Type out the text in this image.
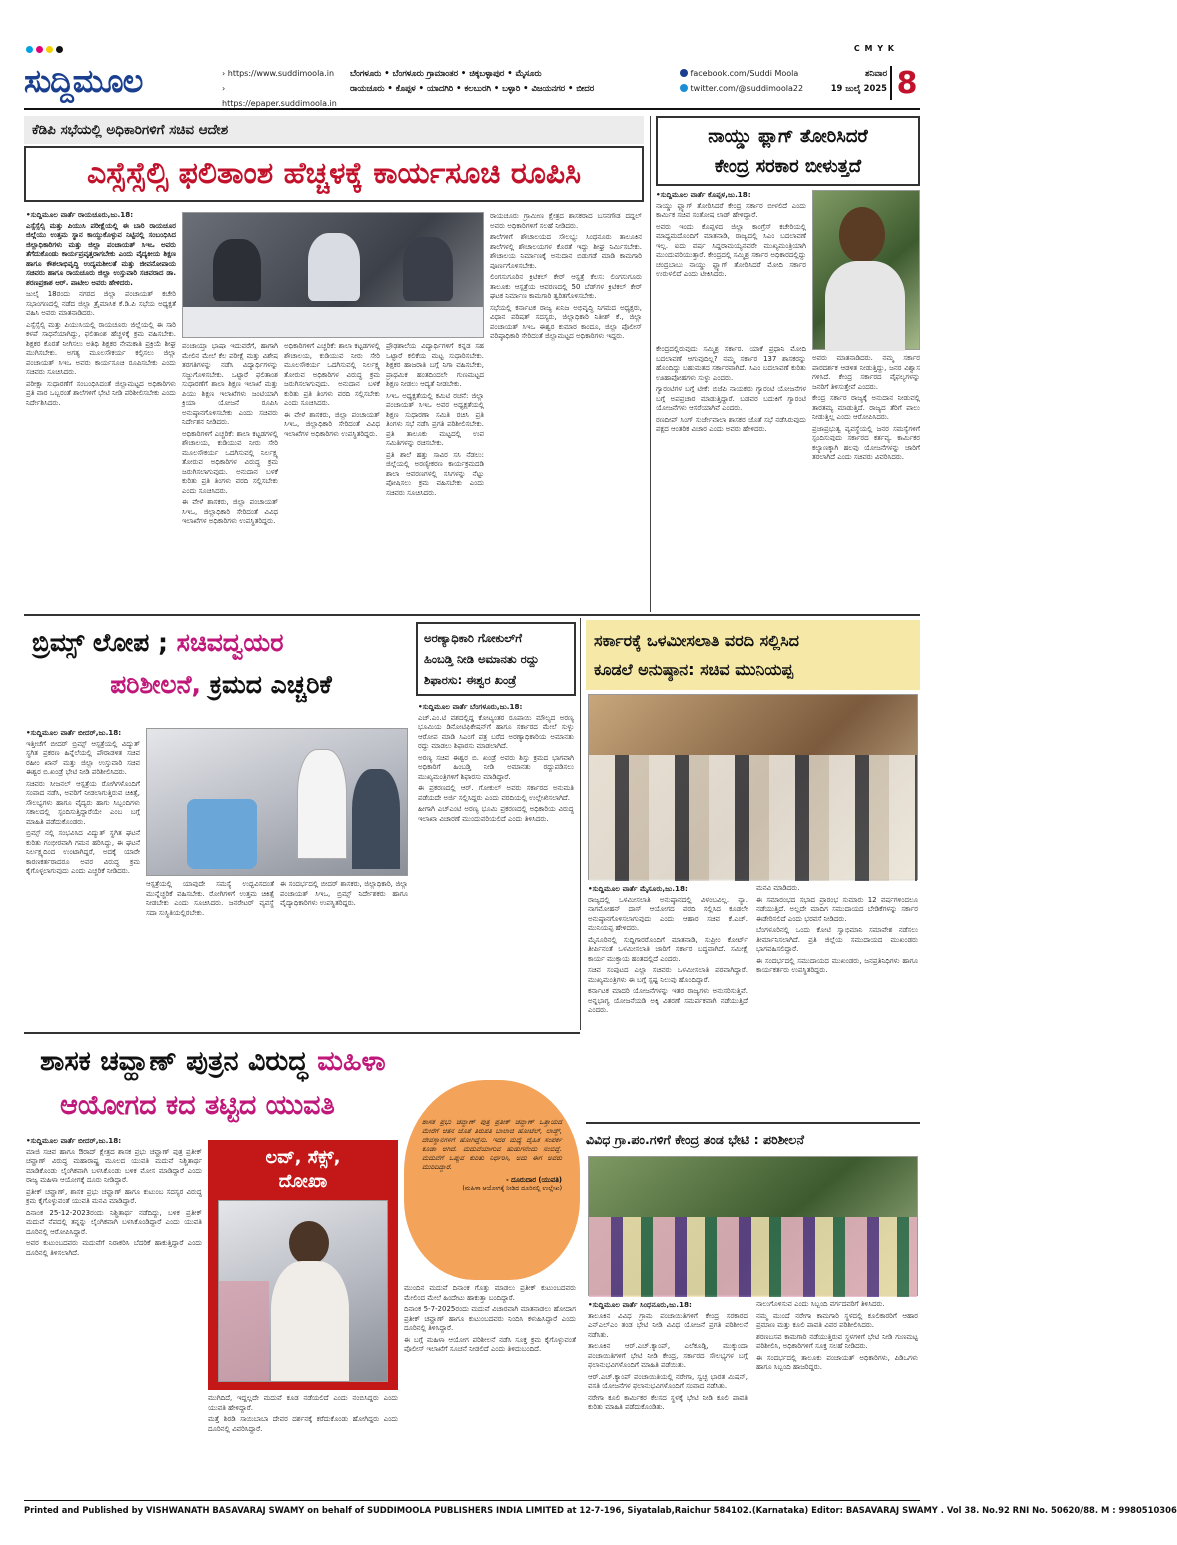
C M Y K
ಸುದ್ದಿಮೂಲ	› https://www.suddimoola.in
› https://epaper.suddimoola.in
ಬೆಂಗಳೂರು • ಬೆಂಗಳೂರು ಗ್ರಾಮಾಂತರ • ಚಿಕ್ಕಬಳ್ಳಾಪುರ • ಮೈಸೂರು
ರಾಯಚೂರು • ಕೊಪ್ಪಳ • ಯಾದಗಿರಿ • ಕಲಬುರಗಿ • ಬಳ್ಳಾರಿ • ವಿಜಯನಗರ • ಬೀದರ
facebook.com/Suddi Moola
twitter.com/@suddimoola22
ಶನಿವಾರ
19 ಜುಲೈ 2025 8
ಕೆಡಿಪಿ ಸಭೆಯಲ್ಲಿ ಅಧಿಕಾರಿಗಳಿಗೆ ಸಚಿವ ಆದೇಶ
ಎಸ್ಸೆಸ್ಸೆಲ್ಸಿ ಫಲಿತಾಂಶ ಹೆಚ್ಚಳಕ್ಕೆ ಕಾರ್ಯಸೂಚಿ ರೂಪಿಸಿ

•ಸುದ್ದಿಮೂಲ ವಾರ್ತೆ ರಾಯಚೂರು,ಜು.18:

ಎಸ್ಸೆಸ್ಸೆಲ್ಸಿ ಮತ್ತು ಪಿಯುಸಿ ಪರೀಕ್ಷೆಯಲ್ಲಿ ಈ ಬಾರಿ ರಾಯಚೂರ ಜಿಲ್ಲೆಯು ಉತ್ತಮ ಸ್ಥಾನ ಕಾಯ್ದುಕೊಳ್ಳುವ ನಿಟ್ಟಿನಲ್ಲಿ ಸಂಬಂಧಿಸಿದ ಜಿಲ್ಲಾಧಿಕಾರಿಗಳು ಮತ್ತು ಜಿಲ್ಲಾ ಪಂಚಾಯತ್ ಸಿಇಒ ಅವರು ತೆಗೆದುಕೊಂಡು ಕಾರ್ಯಪ್ರವೃತ್ತರಾಗಬೇಕು ಎಂದು ವೈದ್ಯಕೀಯ ಶಿಕ್ಷಣ ಹಾಗೂ ಕೌಶಲಾಭಿವೃದ್ಧಿ ಉದ್ಯಮಶೀಲತೆ ಮತ್ತು ಜೀವನೋಪಾಯ ಸಚಿವರು ಹಾಗೂ ರಾಯಚೂರು ಜಿಲ್ಲಾ ಉಸ್ತುವಾರಿ ಸಚಿವರಾದ ಡಾ. ಶರಣಪ್ರಕಾಶ ಆರ್. ಪಾಟೀಲ ಅವರು ಹೇಳಿದರು.

ಜುಲೈ 18ರಂದು ನಗರದ ಜಿಲ್ಲಾ ಪಂಚಾಯತ್ ಕಚೇರಿ ಸಭಾಂಗಣದಲ್ಲಿ ನಡೆದ ಜಿಲ್ಲಾ ತ್ರೈಮಾಸಿಕ ಕೆ.ಡಿ.ಪಿ ಸಭೆಯ ಅಧ್ಯಕ್ಷತೆ ವಹಿಸಿ ಅವರು ಮಾತನಾಡಿದರು.

ಎಸ್ಸೆಸ್ಸೆಲ್ಸಿ ಮತ್ತು ಪಿಯುಸಿಯಲ್ಲಿ ರಾಯಚೂರು ಜಿಲ್ಲೆಯಲ್ಲಿ ಈ ಸಾರಿ ಕಳಪೆ ಸಾಧನೆಯಾಗಿದ್ದು, ಫಲಿತಾಂಶ ಹೆಚ್ಚಳಕ್ಕೆ ಕ್ರಮ ವಹಿಸಬೇಕು. ಶಿಕ್ಷಕರ ಕೊರತೆ ನೀಗಿಸಲು ಅತಿಥಿ ಶಿಕ್ಷಕರ ನೇಮಕಾತಿ ಪ್ರಕ್ರಿಯೆ ಶೀಘ್ರ ಮುಗಿಸಬೇಕು. ಅಗತ್ಯ ಮೂಲಸೌಕರ್ಯ ಕಲ್ಪಿಸಲು ಜಿಲ್ಲಾ ಪಂಚಾಯತ್ ಸಿಇಒ ಅವರು ಕಾರ್ಯಸೂಚಿ ರೂಪಿಸಬೇಕು ಎಂದು ಸಚಿವರು ಸೂಚಿಸಿದರು.

ಪರೀಕ್ಷಾ ಸುಧಾರಣೆಗೆ ಸಂಬಂಧಿಸಿದಂತೆ ಜಿಲ್ಲಾಮಟ್ಟದ ಅಧಿಕಾರಿಗಳು ಪ್ರತಿ ವಾರ ಒಬ್ಬರಂತೆ ಶಾಲೆಗಳಿಗೆ ಭೇಟಿ ನೀಡಿ ಪರಿಶೀಲಿಸಬೇಕು ಎಂದು ನಿರ್ದೇಶಿಸಿದರು.

ಪಂಚಾಯ್ತಾ ಭಾಷಾ ಇದುವರೆಗೆ, ಹಾಗಾಗಿ ಮೇಲಿನ ಮೇಲೆ ಕೆಲ ಪರೀಕ್ಷೆ ಮತ್ತು ವಿಶೇಷ ತರಗತಿಗಳನ್ನು ನಡೆಸಿ ವಿದ್ಯಾರ್ಥಿಗಳನ್ನು ಸಜ್ಜುಗೊಳಿಸಬೇಕು. ಒಟ್ಟಾರೆ ಫಲಿತಾಂಶ ಸುಧಾರಣೆಗೆ ಶಾಲಾ ಶಿಕ್ಷಣ ಇಲಾಖೆ ಮತ್ತು ಪಿಯು ಶಿಕ್ಷಣ ಇಲಾಖೆಗಳು ಜಂಟಿಯಾಗಿ ಕ್ರಿಯಾ ಯೋಜನೆ ರೂಪಿಸಿ ಅನುಷ್ಠಾನಗೊಳಿಸಬೇಕು ಎಂದು ಸಚಿವರು ನಿರ್ದೇಶನ ನೀಡಿದರು.

ಅಧಿಕಾರಿಗಳಿಗೆ ಎಚ್ಚರಿಕೆ: ಶಾಲಾ ಕಟ್ಟಡಗಳಲ್ಲಿ ಶೌಚಾಲಯ, ಕುಡಿಯುವ ನೀರು ಸೇರಿ ಮೂಲಸೌಕರ್ಯ ಒದಗಿಸುವಲ್ಲಿ ನಿರ್ಲಕ್ಷ್ಯ ತೋರುವ ಅಧಿಕಾರಿಗಳ ವಿರುದ್ಧ ಕ್ರಮ ಜರುಗಿಸಲಾಗುವುದು. ಅನುದಾನ ಬಳಕೆ ಕುರಿತು ಪ್ರತಿ ತಿಂಗಳು ವರದಿ ಸಲ್ಲಿಸಬೇಕು ಎಂದು ಸೂಚಿಸಿದರು.

ಈ ವೇಳೆ ಶಾಸಕರು, ಜಿಲ್ಲಾ ಪಂಚಾಯತ್ ಸಿಇಒ, ಜಿಲ್ಲಾಧಿಕಾರಿ ಸೇರಿದಂತೆ ವಿವಿಧ ಇಲಾಖೆಗಳ ಅಧಿಕಾರಿಗಳು ಉಪಸ್ಥಿತರಿದ್ದರು.

ಅಧಿಕಾರಿಗಳಿಗೆ ಎಚ್ಚರಿಕೆ: ಶಾಲಾ ಕಟ್ಟಡಗಳಲ್ಲಿ ಶೌಚಾಲಯ, ಕುಡಿಯುವ ನೀರು ಸೇರಿ ಮೂಲಸೌಕರ್ಯ ಒದಗಿಸುವಲ್ಲಿ ನಿರ್ಲಕ್ಷ್ಯ ತೋರುವ ಅಧಿಕಾರಿಗಳ ವಿರುದ್ಧ ಕ್ರಮ ಜರುಗಿಸಲಾಗುವುದು. ಅನುದಾನ ಬಳಕೆ ಕುರಿತು ಪ್ರತಿ ತಿಂಗಳು ವರದಿ ಸಲ್ಲಿಸಬೇಕು ಎಂದು ಸೂಚಿಸಿದರು.

ಈ ವೇಳೆ ಶಾಸಕರು, ಜಿಲ್ಲಾ ಪಂಚಾಯತ್ ಸಿಇಒ, ಜಿಲ್ಲಾಧಿಕಾರಿ ಸೇರಿದಂತೆ ವಿವಿಧ ಇಲಾಖೆಗಳ ಅಧಿಕಾರಿಗಳು ಉಪಸ್ಥಿತರಿದ್ದರು.

ಪ್ರೌಢಶಾಲೆಯ ವಿದ್ಯಾರ್ಥಿಗಳಿಗೆ ಕನ್ನಡ ಸಹ ಒಟ್ಟಾರೆ ಕಲಿಕೆಯ ಮಟ್ಟ ಸುಧಾರಿಸಬೇಕು. ಶಿಕ್ಷಕರ ಹಾಜರಾತಿ ಬಗ್ಗೆ ನಿಗಾ ವಹಿಸಬೇಕು, ಪ್ರಾಥಮಿಕ ಹಂತದಿಂದಲೇ ಗುಣಮಟ್ಟದ ಶಿಕ್ಷಣ ನೀಡಲು ಆದ್ಯತೆ ನೀಡಬೇಕು.

ಸಿಇಒ ಅಧ್ಯಕ್ಷತೆಯಲ್ಲಿ ಕಮಿಟಿ ರಚನೆ: ಜಿಲ್ಲಾ ಪಂಚಾಯತ್ ಸಿಇಒ ಅವರ ಅಧ್ಯಕ್ಷತೆಯಲ್ಲಿ ಶಿಕ್ಷಣ ಸುಧಾರಣಾ ಸಮಿತಿ ರಚಿಸಿ ಪ್ರತಿ ತಿಂಗಳು ಸಭೆ ನಡೆಸಿ ಪ್ರಗತಿ ಪರಿಶೀಲಿಸಬೇಕು. ಪ್ರತಿ ತಾಲೂಕು ಮಟ್ಟದಲ್ಲಿ ಉಪ ಸಮಿತಿಗಳನ್ನು ರಚಿಸಬೇಕು.

ಪ್ರತಿ ಶಾಲೆ ಹತ್ತು ಸಾವಿರ ಸಸಿ ನೆಡಲು: ಜಿಲ್ಲೆಯಲ್ಲಿ ಅರಣ್ಯೀಕರಣ ಕಾರ್ಯಕ್ರಮದಡಿ ಶಾಲಾ ಆವರಣಗಳಲ್ಲಿ ಸಸಿಗಳನ್ನು ನೆಟ್ಟು ಪೋಷಿಸಲು ಕ್ರಮ ವಹಿಸಬೇಕು ಎಂದು ಸಚಿವರು ಸೂಚಿಸಿದರು.

ರಾಯಚೂರು ಗ್ರಾಮೀಣ ಕ್ಷೇತ್ರದ ಶಾಸಕರಾದ ಬಸನಗೌಡ ದದ್ದಲ್ ಅವರು ಅಧಿಕಾರಿಗಳಿಗೆ ಸಲಹೆ ನೀಡಿದರು.

ಶಾಲೆಗಳಿಗೆ ಶೌಚಾಲಯದ ಸೌಲಭ್ಯ: ಸಿಂಧನೂರು ತಾಲೂಕಿನ ಶಾಲೆಗಳಲ್ಲಿ ಶೌಚಾಲಯಗಳ ಕೊರತೆ ಇದ್ದು ಶೀಘ್ರ ನಿರ್ಮಿಸಬೇಕು. ಶೌಚಾಲಯ ನಿರ್ಮಾಣಕ್ಕೆ ಅನುದಾನ ಬಿಡುಗಡೆ ಮಾಡಿ ಕಾಮಗಾರಿ ಪೂರ್ಣಗೊಳಿಸಬೇಕು.

ಲಿಂಗಸುಗೂರಿನ ಕ್ರಿಟಿಕಲ್ ಕೇರ್ ಆಸ್ಪತ್ರೆ ಕೆಲಸ: ಲಿಂಗಸುಗೂರು ತಾಲೂಕು ಆಸ್ಪತ್ರೆಯ ಆವರಣದಲ್ಲಿ 50 ಬೆಡ್‌ಗಳ ಕ್ರಿಟಿಕಲ್ ಕೇರ್ ಘಟಕ ನಿರ್ಮಾಣ ಕಾಮಗಾರಿ ತ್ವರಿತಗೊಳಿಸಬೇಕು.

ಸಭೆಯಲ್ಲಿ ಕರ್ನಾಟಕ ರಾಜ್ಯ ಖನಿಜ ಅಭಿವೃದ್ಧಿ ನಿಗಮದ ಅಧ್ಯಕ್ಷರು, ವಿಧಾನ ಪರಿಷತ್ ಸದಸ್ಯರು, ಜಿಲ್ಲಾಧಿಕಾರಿ ನಿತೀಶ್ ಕೆ., ಜಿಲ್ಲಾ ಪಂಚಾಯತ್ ಸಿಇಒ ಈಶ್ವರ ಕುಮಾರ ಕಾಂದೂ, ಜಿಲ್ಲಾ ಪೊಲೀಸ್ ವರಿಷ್ಠಾಧಿಕಾರಿ ಸೇರಿದಂತೆ ಜಿಲ್ಲಾಮಟ್ಟದ ಅಧಿಕಾರಿಗಳು ಇದ್ದರು.

ನಾಯ್ಡು ಫ್ಲಾಗ್ ತೋರಿಸಿದರೆ
ಕೇಂದ್ರ ಸರಕಾರ ಬೀಳುತ್ತದೆ

•ಸುದ್ದಿಮೂಲ ವಾರ್ತೆ ಕೊಪ್ಪಳ,ಜು.18:

ನಾಯ್ಡು ಫ್ಲ್ಯಾಗ್ ತೋರಿಸಿದರೆ ಕೇಂದ್ರ ಸರ್ಕಾರ ಬೀಳಲಿದೆ ಎಂದು ಕಾರ್ಮಿಕ ಸಚಿವ ಸಂತೋಷ ಲಾಡ್ ಹೇಳಿದ್ದಾರೆ.

ಅವರು ಇಂದು ಕೊಪ್ಪಳದ ಜಿಲ್ಲಾ ಕಾಂಗ್ರೆಸ್ ಕಚೇರಿಯಲ್ಲಿ ಮಾಧ್ಯಮದೊಂದಿಗೆ ಮಾತನಾಡಿ, ರಾಜ್ಯದಲ್ಲಿ ಸಿಎಂ ಬದಲಾವಣೆ ಇಲ್ಲ. ಐದು ವರ್ಷ ಸಿದ್ದರಾಮಯ್ಯನವರೇ ಮುಖ್ಯಮಂತ್ರಿಯಾಗಿ ಮುಂದುವರಿಯುತ್ತಾರೆ. ಕೇಂದ್ರದಲ್ಲಿ ಸಮ್ಮಿಶ್ರ ಸರ್ಕಾರ ಅಧಿಕಾರದಲ್ಲಿದ್ದು ಚಂದ್ರಬಾಬು ನಾಯ್ಡು ಫ್ಲ್ಯಾಗ್ ತೋರಿಸಿದರೆ ಮೋದಿ ಸರ್ಕಾರ ಉರುಳಲಿದೆ ಎಂದು ಟೀಕಿಸಿದರು.

ಕೇಂದ್ರದಲ್ಲಿರುವುದು ಸಮ್ಮಿಶ್ರ ಸರ್ಕಾರ. ಯಾಕೆ ಪ್ರಧಾನಿ ಮೋದಿ ಬದಲಾವಣೆ ಆಗುವುದಿಲ್ಲ? ನಮ್ಮ ಸರ್ಕಾರ 137 ಶಾಸಕರನ್ನು ಹೊಂದಿದ್ದು ಬಹುಮತದ ಸರ್ಕಾರವಾಗಿದೆ. ಸಿಎಂ ಬದಲಾವಣೆ ಕುರಿತು ಊಹಾಪೋಹಗಳು ಸುಳ್ಳು ಎಂದರು.

ಗ್ಯಾರಂಟಿಗಳ ಬಗ್ಗೆ ಟೀಕೆ: ಬಿಜೆಪಿ ನಾಯಕರು ಗ್ಯಾರಂಟಿ ಯೋಜನೆಗಳ ಬಗ್ಗೆ ಅಪಪ್ರಚಾರ ಮಾಡುತ್ತಿದ್ದಾರೆ. ಬಡವರ ಬದುಕಿಗೆ ಗ್ಯಾರಂಟಿ ಯೋಜನೆಗಳು ಆಸರೆಯಾಗಿವೆ ಎಂದರು.

ರಣದೀಪ್ ಸಿಂಗ್ ಸುರ್ಜೇವಾಲಾ ಶಾಸಕರ ಜೊತೆ ಸಭೆ ನಡೆಸಿರುವುದು ಪಕ್ಷದ ಆಂತರಿಕ ವಿಚಾರ ಎಂದು ಅವರು ಹೇಳಿದರು.

ಅವರು ಮಾತನಾಡಿದರು. ನಮ್ಮ ಸರ್ಕಾರ ಪಾರದರ್ಶಕ ಆಡಳಿತ ನೀಡುತ್ತಿದ್ದು, ಜನರ ವಿಶ್ವಾಸ ಗಳಿಸಿದೆ. ಕೇಂದ್ರ ಸರ್ಕಾರದ ವೈಫಲ್ಯಗಳನ್ನು ಜನರಿಗೆ ತಿಳಿಸುತ್ತೇವೆ ಎಂದರು.

ಕೇಂದ್ರ ಸರ್ಕಾರ ರಾಜ್ಯಕ್ಕೆ ಅನುದಾನ ನೀಡುವಲ್ಲಿ ತಾರತಮ್ಯ ಮಾಡುತ್ತಿದೆ. ರಾಜ್ಯದ ತೆರಿಗೆ ಪಾಲು ನೀಡುತ್ತಿಲ್ಲ ಎಂದು ಆರೋಪಿಸಿದರು.

ಪ್ರಜಾಪ್ರಭುತ್ವ ವ್ಯವಸ್ಥೆಯಲ್ಲಿ ಜನರ ಸಮಸ್ಯೆಗಳಿಗೆ ಸ್ಪಂದಿಸುವುದು ಸರ್ಕಾರದ ಕರ್ತವ್ಯ. ಕಾರ್ಮಿಕರ ಕಲ್ಯಾಣಕ್ಕಾಗಿ ಹಲವು ಯೋಜನೆಗಳನ್ನು ಜಾರಿಗೆ ತರಲಾಗಿದೆ ಎಂದು ಸಚಿವರು ವಿವರಿಸಿದರು.

ಬ್ರಿಮ್ಸ್ ಲೋಪ ; ಸಚಿವದ್ವಯರ
ಪರಿಶೀಲನೆ, ಕ್ರಮದ ಎಚ್ಚರಿಕೆ

•ಸುದ್ದಿಮೂಲ ವಾರ್ತೆ ಬೀದರ್,ಜು.18:

ಇತ್ತೀಚೆಗೆ ಬೀದರ್ ಬ್ರಿಮ್ಸ್ ಆಸ್ಪತ್ರೆಯಲ್ಲಿ ವಿದ್ಯುತ್ ಸ್ಥಗಿತ ಪ್ರಕರಣ ಹಿನ್ನೆಲೆಯಲ್ಲಿ ಪೌರಾಡಳಿತ ಸಚಿವ ರಹೀಂ ಖಾನ್ ಮತ್ತು ಜಿಲ್ಲಾ ಉಸ್ತುವಾರಿ ಸಚಿವ ಈಶ್ವರ ಬಿ.ಖಂಡ್ರೆ ಭೇಟಿ ನೀಡಿ ಪರಿಶೀಲಿಸಿದರು.

ಸಚಿವರು ಸೀಜನಲ್ ಆಸ್ಪತ್ರೆಯ ರೋಗಿಗಳೊಂದಿಗೆ ಸಂವಾದ ನಡೆಸಿ, ಅವರಿಗೆ ನೀಡಲಾಗುತ್ತಿರುವ ಚಿಕಿತ್ಸೆ, ಸೌಲಭ್ಯಗಳು ಹಾಗೂ ವೈದ್ಯರು ಹಾಗು ಸಿಬ್ಬಂದಿಗಳು ಸಕಾಲದಲ್ಲಿ ಸ್ಪಂದಿಸುತ್ತಿದ್ದಾರೆಯೇ ಎಂಬ ಬಗ್ಗೆ ಮಾಹಿತಿ ಪಡೆದುಕೊಂಡರು.

ಬ್ರಿಮ್ಸ್ ನಲ್ಲಿ ಸಂಭವಿಸಿದ ವಿದ್ಯುತ್ ಸ್ಥಗಿತ ಘಟನೆ ಕುರಿತು ಗಂಭೀರವಾಗಿ ಗಮನ ಹರಿಸಿದ್ದು, ಈ ಘಟನೆ ನಿರ್ಲಕ್ಷ್ಯದಿಂದ ಉಂಟಾಗಿದ್ದರೆ, ಅದಕ್ಕೆ ಯಾರೇ ಕಾರಣಕರ್ತರಾದರೂ ಅವರ ವಿರುದ್ಧ ಕ್ರಮ ಕೈಗೊಳ್ಳಲಾಗುವುದು ಎಂದು ಎಚ್ಚರಿಕೆ ನೀಡಿದರು.

ಆಸ್ಪತ್ರೆಯಲ್ಲಿ ಯಾವುದೇ ಸಮಸ್ಯೆ ಉದ್ಭವಿಸದಂತೆ ಮುನ್ನೆಚ್ಚರಿಕೆ ವಹಿಸಬೇಕು. ರೋಗಿಗಳಿಗೆ ಉತ್ತಮ ಚಿಕಿತ್ಸೆ ನೀಡಬೇಕು ಎಂದು ಸೂಚಿಸಿದರು. ಜನರೇಟರ್ ವ್ಯವಸ್ಥೆ ಸದಾ ಸುಸ್ಥಿತಿಯಲ್ಲಿರಬೇಕು.

ಈ ಸಂದರ್ಭದಲ್ಲಿ ಬೀದರ್ ಶಾಸಕರು, ಜಿಲ್ಲಾಧಿಕಾರಿ, ಜಿಲ್ಲಾ ಪಂಚಾಯತ್ ಸಿಇಒ, ಬ್ರಿಮ್ಸ್ ನಿರ್ದೇಶಕರು ಹಾಗೂ ವೈದ್ಯಾಧಿಕಾರಿಗಳು ಉಪಸ್ಥಿತರಿದ್ದರು.

ಅರಣ್ಯಾಧಿಕಾರಿ ಗೋಕುಲ್‌ಗೆ
ಹಿಂಬಡ್ತಿ ನೀಡಿ ಅಮಾನತು ರದ್ದು
ಶಿಫಾರಸು: ಈಶ್ವರ ಖಂಡ್ರೆ

•ಸುದ್ದಿಮೂಲ ವಾರ್ತೆ ಬೆಂಗಳೂರು,ಜು.18:

ಎಚ್.ಎಂ.ಟಿ ವಶದಲ್ಲಿದ್ದ ಕೋಟ್ಯಂತರ ರೂಪಾಯಿ ಮೌಲ್ಯದ ಅರಣ್ಯ ಭೂಮಿಯ ಡಿನೋಟಿಫಿಕೇಷನ್‌ಗೆ ಹಾಗೂ ಸರ್ಕಾರದ ಮೇಲೆ ಸುಳ್ಳು ಆರೋಪ ಮಾಡಿ ಸಿಎಂಗೆ ಪತ್ರ ಬರೆದ ಅರಣ್ಯಾಧಿಕಾರಿಯ ಅಮಾನತು ರದ್ದು ಮಾಡಲು ಶಿಫಾರಸು ಮಾಡಲಾಗಿದೆ.

ಅರಣ್ಯ ಸಚಿವ ಈಶ್ವರ ಬಿ. ಖಂಡ್ರೆ ಅವರು ಶಿಸ್ತು ಕ್ರಮದ ಭಾಗವಾಗಿ ಅಧಿಕಾರಿಗೆ ಹಿಂಬಡ್ತಿ ನೀಡಿ ಅಮಾನತು ರದ್ದುಪಡಿಸಲು ಮುಖ್ಯಮಂತ್ರಿಗಳಿಗೆ ಶಿಫಾರಸು ಮಾಡಿದ್ದಾರೆ.

ಈ ಪ್ರಕರಣದಲ್ಲಿ ಆರ್. ಗೋಕುಲ್ ಅವರು ಸರ್ಕಾರದ ಅನುಮತಿ ಪಡೆಯದೇ ಅರ್ಜಿ ಸಲ್ಲಿಸಿದ್ದರು ಎಂದು ವರದಿಯಲ್ಲಿ ಉಲ್ಲೇಖಿಸಲಾಗಿದೆ.

ಹೀಗಾಗಿ ಎಚ್‌ಎಂಟಿ ಅರಣ್ಯ ಭೂಮಿ ಪ್ರಕರಣದಲ್ಲಿ ಅಧಿಕಾರಿಯ ವಿರುದ್ಧ ಇಲಾಖಾ ವಿಚಾರಣೆ ಮುಂದುವರಿಯಲಿದೆ ಎಂದು ತಿಳಿಸಿದರು.

ಸರ್ಕಾರಕ್ಕೆ ಒಳಮೀಸಲಾತಿ ವರದಿ ಸಲ್ಲಿಸಿದ
ಕೂಡಲೆ ಅನುಷ್ಠಾನ: ಸಚಿವ ಮುನಿಯಪ್ಪ

•ಸುದ್ದಿಮೂಲ ವಾರ್ತೆ ಮೈಸೂರು,ಜು.18:

ರಾಜ್ಯದಲ್ಲಿ ಒಳಮೀಸಲಾತಿ ಅನುಷ್ಠಾನದಲ್ಲಿ ವಿಳಂಬವಿಲ್ಲ. ನ್ಯಾ. ನಾಗಮೋಹನ್ ದಾಸ್ ಆಯೋಗದ ವರದಿ ಸಲ್ಲಿಸಿದ ಕೂಡಲೇ ಅನುಷ್ಠಾನಗೊಳಿಸಲಾಗುವುದು ಎಂದು ಆಹಾರ ಸಚಿವ ಕೆ.ಎಚ್. ಮುನಿಯಪ್ಪ ಹೇಳಿದರು.

ಮೈಸೂರಿನಲ್ಲಿ ಸುದ್ದಿಗಾರರೊಂದಿಗೆ ಮಾತನಾಡಿ, ಸುಪ್ರೀಂ ಕೋರ್ಟ್ ತೀರ್ಪಿನಂತೆ ಒಳಮೀಸಲಾತಿ ಜಾರಿಗೆ ಸರ್ಕಾರ ಬದ್ಧವಾಗಿದೆ. ಸಮೀಕ್ಷೆ ಕಾರ್ಯ ಮುಕ್ತಾಯ ಹಂತದಲ್ಲಿದೆ ಎಂದರು.

ಸಚಿವ ಸಂಪುಟದ ಎಲ್ಲಾ ಸಚಿವರು ಒಳಮೀಸಲಾತಿ ಪರವಾಗಿದ್ದಾರೆ. ಮುಖ್ಯಮಂತ್ರಿಗಳು ಈ ಬಗ್ಗೆ ಸ್ಪಷ್ಟ ನಿಲುವು ಹೊಂದಿದ್ದಾರೆ.

ಕರ್ನಾಟಕ ಮಾದರಿ ಯೋಜನೆಗಳನ್ನು ಇತರ ರಾಜ್ಯಗಳು ಅನುಸರಿಸುತ್ತಿವೆ. ಅನ್ನಭಾಗ್ಯ ಯೋಜನೆಯಡಿ ಅಕ್ಕಿ ವಿತರಣೆ ಸಮರ್ಪಕವಾಗಿ ನಡೆಯುತ್ತಿದೆ ಎಂದರು.

ಮನವಿ ಮಾಡಿದರು.

ಈ ಸಮಾರಂಭದ ಸಭಾದ ಪ್ರಾರಂಭ ಸುಮಾರು 12 ವರ್ಷಗಳಿಂದಲೂ ನಡೆಯುತ್ತಿದೆ. ಅಲ್ಲದೇ ಮಾದಿಗ ಸಮುದಾಯದ ಬೇಡಿಕೆಗಳನ್ನು ಸರ್ಕಾರ ಈಡೇರಿಸಲಿದೆ ಎಂದು ಭರವಸೆ ನೀಡಿದರು.

ಬೆಂಗಳೂರಿನಲ್ಲಿ ಒಂದು ಕೋಟಿ ಸ್ವಾಭಿಮಾನಿ ಸಮಾವೇಶ ನಡೆಸಲು ತೀರ್ಮಾನಿಸಲಾಗಿದೆ. ಪ್ರತಿ ಜಿಲ್ಲೆಯ ಸಮುದಾಯದ ಮುಖಂಡರು ಭಾಗವಹಿಸಲಿದ್ದಾರೆ.

ಈ ಸಂದರ್ಭದಲ್ಲಿ ಸಮುದಾಯದ ಮುಖಂಡರು, ಜನಪ್ರತಿನಿಧಿಗಳು ಹಾಗೂ ಕಾರ್ಯಕರ್ತರು ಉಪಸ್ಥಿತರಿದ್ದರು.

ಶಾಸಕ ಚವ್ಹಾಣ್ ಪುತ್ರನ ವಿರುದ್ಧ ಮಹಿಳಾ
ಆಯೋಗದ ಕದ ತಟ್ಟಿದ ಯುವತಿ

•ಸುದ್ದಿಮೂಲ ವಾರ್ತೆ ಬೀದರ್,ಜು.18:

ಮಾಜಿ ಸಚಿವ ಹಾಗೂ ಔರಾದ್ ಕ್ಷೇತ್ರದ ಶಾಸಕ ಪ್ರಭು ಚವ್ಹಾಣ್ ಪುತ್ರ ಪ್ರತೀಕ್ ಚವ್ಹಾಣ್ ವಿರುದ್ಧ ಮಹಾರಾಷ್ಟ್ರ ಮೂಲದ ಯುವತಿ ಮದುವೆ ನಿಶ್ಚಿತಾರ್ಥ ಮಾಡಿಕೊಂಡು ಲೈಂಗಿಕವಾಗಿ ಬಳಸಿಕೊಂಡು ಬಳಿಕ ಮೋಸ ಮಾಡಿದ್ದಾರೆ ಎಂದು ರಾಜ್ಯ ಮಹಿಳಾ ಆಯೋಗಕ್ಕೆ ದೂರು ನೀಡಿದ್ದಾರೆ.

ಪ್ರತೀಕ್ ಚವ್ಹಾಣ್, ಶಾಸಕ ಪ್ರಭು ಚವ್ಹಾಣ್ ಹಾಗೂ ಕುಟುಂಬ ಸದಸ್ಯರ ವಿರುದ್ಧ ಕ್ರಮ ಕೈಗೊಳ್ಳುವಂತೆ ಯುವತಿ ಮನವಿ ಮಾಡಿದ್ದಾರೆ.

ದಿನಾಂಕ 25-12-2023ರಂದು ನಿಶ್ಚಿತಾರ್ಥ ನಡೆದಿದ್ದು, ಬಳಿಕ ಪ್ರತೀಕ್ ಮದುವೆ ನೆಪದಲ್ಲಿ ತನ್ನನ್ನು ಲೈಂಗಿಕವಾಗಿ ಬಳಸಿಕೊಂಡಿದ್ದಾರೆ ಎಂದು ಯುವತಿ ದೂರಿನಲ್ಲಿ ಆರೋಪಿಸಿದ್ದಾರೆ.

ಅವರ ಕುಟುಂಬದವರು ಮದುವೆಗೆ ನಿರಾಕರಿಸಿ ಬೆದರಿಕೆ ಹಾಕುತ್ತಿದ್ದಾರೆ ಎಂದು ದೂರಿನಲ್ಲಿ ತಿಳಿಸಲಾಗಿದೆ.

ಲವ್, ಸೆಕ್ಸ್,
ದೋಖಾ
ಶಾಸಕ ಪ್ರಭು ಚವ್ಹಾಣ್ ಪುತ್ರ ಪ್ರತೀಕ್ ಚವ್ಹಾಣ್ ಒತ್ತಾಯದ ಮೇರೆಗೆ ಆತನ ಜೊತೆ ತಿರುಪತಿ ಬಾಲಾಜಿ ಹೋಟೆಲ್, ಲಾಡ್ಜ್, ದೇವಸ್ಥಾನಗಳಿಗೆ ಹೋಗಿದ್ದೆನು. ಇದರ ಮಧ್ಯೆ ದೈಹಿಕ ಸಂಪರ್ಕ ಕೂಡಾ ಆಗಿದೆ. ಮದುವೆಯಾಗುವ ಹುಡುಗನೆಂದು ನಂಬಿದ್ದೆ. ಮದುವೆಗೆ ಒಪ್ಪುವ ಕುರಿತು ನಿರ್ಧರಿಸಿ, ಅದು ಈಗ ಅವರು ಮುರಿದಿದ್ದಾರೆ.
- ದೂರುದಾರ (ಯುವತಿ)
(ಮಹಿಳಾ ಆಯೋಗಕ್ಕೆ ನೀಡಿದ ದೂರಿನಲ್ಲಿ ಉಲ್ಲೇಖ)

ಮುಗಿದಿದೆ, ಇದ್ದಲ್ಲದೇ ಮದುವೆ ಕೂಡ ನಡೆಯಲಿದೆ ಎಂದು ನಂಬಿಸಿದ್ದರು ಎಂದು ಯುವತಿ ಹೇಳಿದ್ದಾರೆ.

ಮತ್ತೆ ಶಿರಡಿ ಸಾಯಿಬಾಬಾ ದೇವರ ದರ್ಶನಕ್ಕೆ ಕರೆದುಕೊಂಡು ಹೋಗಿದ್ದರು ಎಂದು ದೂರಿನಲ್ಲಿ ವಿವರಿಸಿದ್ದಾರೆ.

ಮುಂದಿನ ಮದುವೆ ದಿನಾಂಕ ಗೊತ್ತು ಮಾಡಲು ಪ್ರತೀಕ್ ಕುಟುಂಬದವರು ಮೇಲಿಂದ ಮೇಲೆ ಹಿಂದೇಟು ಹಾಕುತ್ತಾ ಬಂದಿದ್ದಾರೆ.

ದಿನಾಂಕ 5-7-2025ರಂದು ಮದುವೆ ವಿಚಾರವಾಗಿ ಮಾತನಾಡಲು ಹೋದಾಗ ಪ್ರತೀಕ್ ಚವ್ಹಾಣ್ ಹಾಗೂ ಕುಟುಂಬದವರು ನಿಂದಿಸಿ ಕಳುಹಿಸಿದ್ದಾರೆ ಎಂದು ದೂರಿನಲ್ಲಿ ತಿಳಿಸಿದ್ದಾರೆ.

ಈ ಬಗ್ಗೆ ಮಹಿಳಾ ಆಯೋಗ ಪರಿಶೀಲನೆ ನಡೆಸಿ ಸೂಕ್ತ ಕ್ರಮ ಕೈಗೊಳ್ಳುವಂತೆ ಪೊಲೀಸ್ ಇಲಾಖೆಗೆ ಸೂಚನೆ ನೀಡಲಿದೆ ಎಂದು ತಿಳಿದುಬಂದಿದೆ.

ವಿವಿಧ ಗ್ರಾ.ಪಂ.ಗಳಿಗೆ ಕೇಂದ್ರ ತಂಡ ಭೇಟಿ : ಪರಿಶೀಲನೆ

•ಸುದ್ದಿಮೂಲ ವಾರ್ತೆ ಸಿಂಧನೂರು,ಜು.18:

ತಾಲೂಕಿನ ವಿವಿಧ ಗ್ರಾಮ ಪಂಚಾಯಿತಿಗಳಿಗೆ ಕೇಂದ್ರ ಸರಕಾರದ ಎನ್‌ಎಲ್‌ಎಂ ತಂಡ ಭೇಟಿ ನೀಡಿ ವಿವಿಧ ಯೋಜನೆ ಪ್ರಗತಿ ಪರಿಶೀಲನೆ ನಡೆಸಿತು.

ತಾಲೂಕಿನ ಆರ್.ಎಚ್.ಕ್ಯಾಂಪ್, ಎಲೆಕೂಡ್ಗಿ, ಮುಕ್ಕುಂದಾ ಪಂಚಾಯಿತಿಗಳಿಗೆ ಭೇಟಿ ನೀಡಿ ಕೇಂದ್ರ, ಸರ್ಕಾರದ ಸೌಲಭ್ಯಗಳ ಬಗ್ಗೆ ಫಲಾನುಭವಿಗಳೊಂದಿಗೆ ಮಾಹಿತಿ ಪಡೆಯಿತು.

ಆರ್.ಎಚ್.ಕ್ಯಾಂಪ್ ಪಂಚಾಯಿತಿಯಲ್ಲಿ ನರೇಗಾ, ಸ್ವಚ್ಛ ಭಾರತ ಮಿಷನ್, ವಸತಿ ಯೋಜನೆಗಳ ಫಲಾನುಭವಿಗಳೊಂದಿಗೆ ಸಂವಾದ ನಡೆಸಿತು.

ನರೇಗಾ ಕೂಲಿ ಕಾರ್ಮಿಕರ ಕೆಲಸದ ಸ್ಥಳಕ್ಕೆ ಭೇಟಿ ನೀಡಿ ಕೂಲಿ ಪಾವತಿ ಕುರಿತು ಮಾಹಿತಿ ಪಡೆದುಕೊಂಡಿತು.

ನಾಲುಗೊಳಿಸುವ ಎಂದು ಸಿಬ್ಬಂದಿ ವರ್ಗದವರಿಗೆ ತಿಳಿಸಿದರು.

ನಮ್ಮ ಮುಂದೆ ನರೇಗಾ ಕಾಮಗಾರಿ ಸ್ಥಳದಲ್ಲಿ ಕೂಲಿಕಾರರಿಗೆ ಆಹಾರ ಪ್ರಮಾಣ ಮತ್ತು ಕೂಲಿ ಪಾವತಿ ವಿವರ ಪರಿಶೀಲಿಸಿದರು.

ಶರಣಬಸವ ಕಾಮಗಾರಿ ನಡೆಯುತ್ತಿರುವ ಸ್ಥಳಗಳಿಗೆ ಭೇಟಿ ನೀಡಿ ಗುಣಮಟ್ಟ ಪರಿಶೀಲಿಸಿ, ಅಧಿಕಾರಿಗಳಿಗೆ ಸೂಕ್ತ ಸಲಹೆ ನೀಡಿದರು.

ಈ ಸಂದರ್ಭದಲ್ಲಿ ತಾಲೂಕು ಪಂಚಾಯತ್ ಅಧಿಕಾರಿಗಳು, ಪಿಡಿಒಗಳು ಹಾಗೂ ಸಿಬ್ಬಂದಿ ಹಾಜರಿದ್ದರು.

Printed and Published by VISHWANATH BASAVARAJ SWAMY on behalf of SUDDIMOOLA PUBLISHERS INDIA LIMITED at 12-7-196, Siyatalab,Raichur 584102.(Karnataka) Editor: BASAVARAJ SWAMY . Vol 38. No.92 RNI No. 50620/88. M : 9980510306
